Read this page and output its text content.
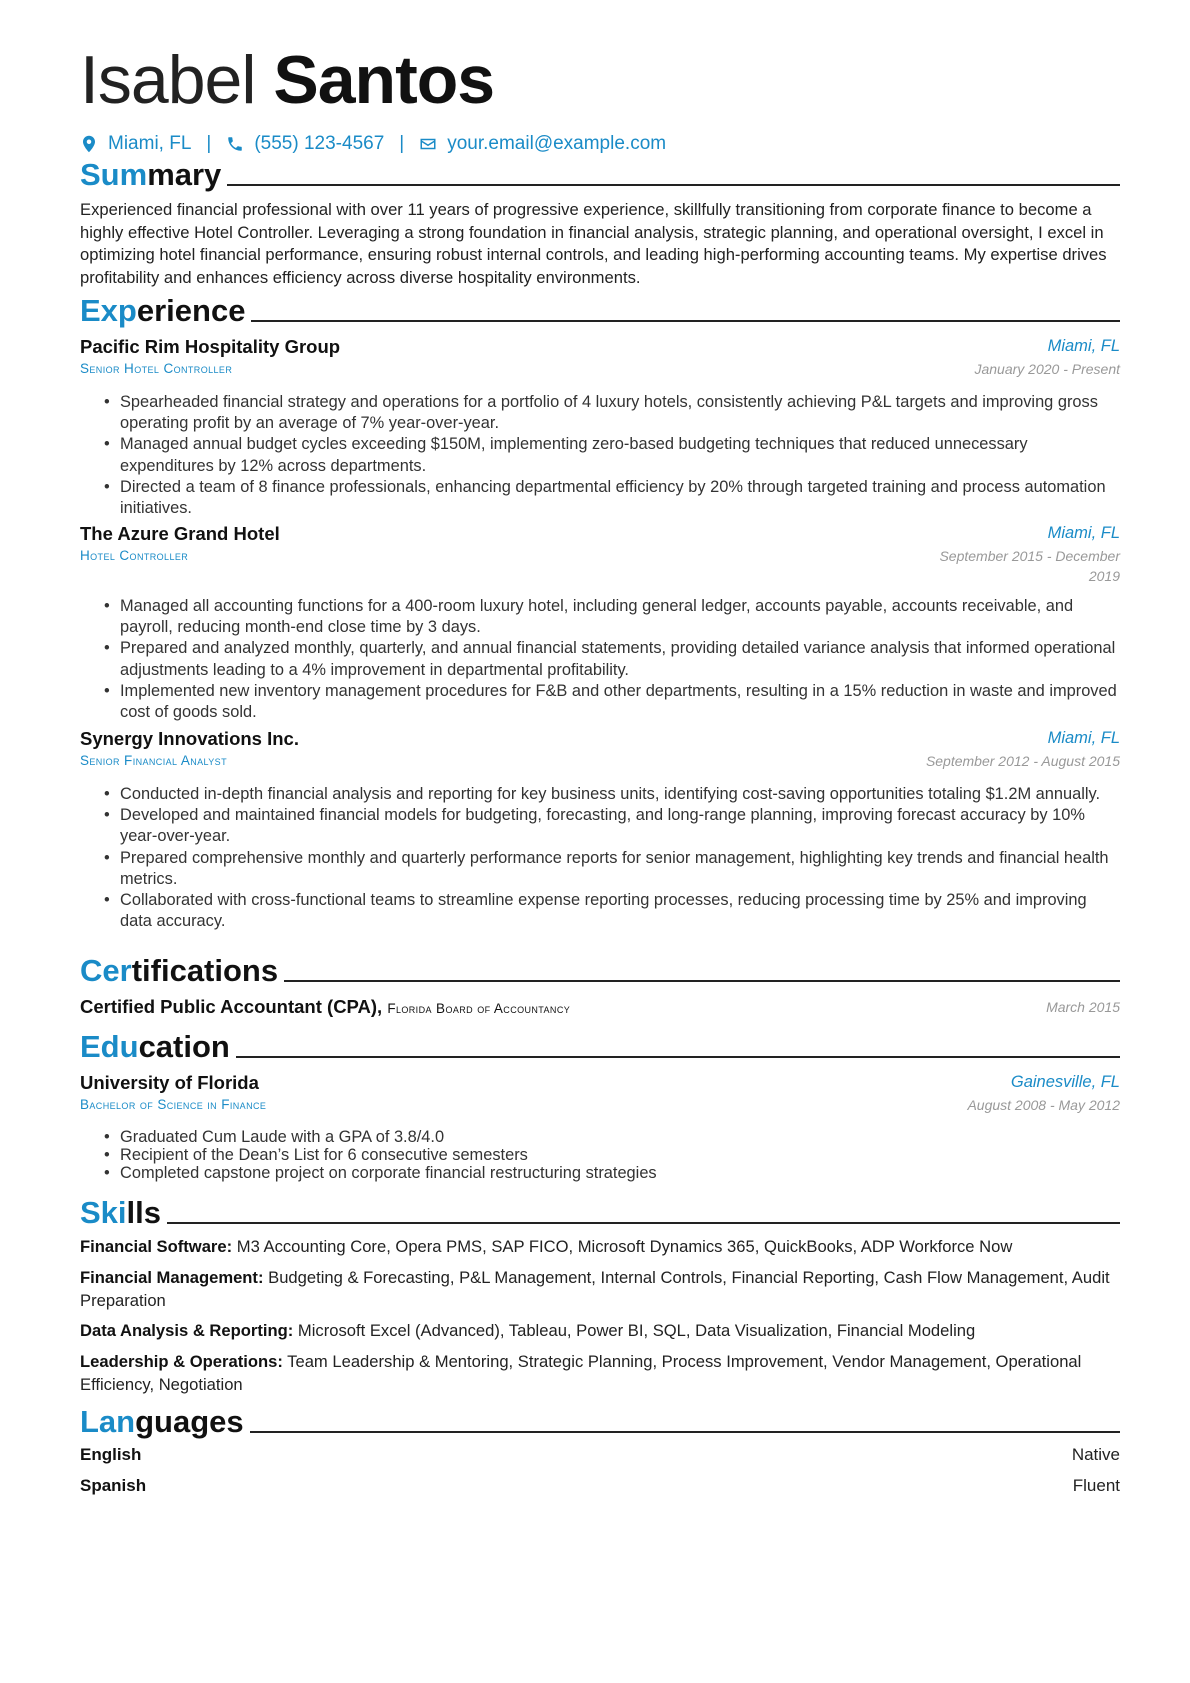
Isabel Santos
Miami, FL | (555) 123-4567 | your.email@example.com
Summary
Experienced financial professional with over 11 years of progressive experience, skillfully transitioning from corporate finance to become a highly effective Hotel Controller. Leveraging a strong foundation in financial analysis, strategic planning, and operational oversight, I excel in optimizing hotel financial performance, ensuring robust internal controls, and leading high-performing accounting teams. My expertise drives profitability and enhances efficiency across diverse hospitality environments.
Experience
Pacific Rim Hospitality Group	Miami, FL
Senior Hotel Controller	January 2020 - Present
• Spearheaded financial strategy and operations for a portfolio of 4 luxury hotels, consistently achieving P&L targets and improving gross operating profit by an average of 7% year-over-year.
• Managed annual budget cycles exceeding $150M, implementing zero-based budgeting techniques that reduced unnecessary expenditures by 12% across departments.
• Directed a team of 8 finance professionals, enhancing departmental efficiency by 20% through targeted training and process automation initiatives.
The Azure Grand Hotel	Miami, FL
Hotel Controller	September 2015 - December
2019
• Managed all accounting functions for a 400-room luxury hotel, including general ledger, accounts payable, accounts receivable, and payroll, reducing month-end close time by 3 days.
• Prepared and analyzed monthly, quarterly, and annual financial statements, providing detailed variance analysis that informed operational adjustments leading to a 4% improvement in departmental profitability.
• Implemented new inventory management procedures for F&B and other departments, resulting in a 15% reduction in waste and improved cost of goods sold.
Synergy Innovations Inc.	Miami, FL
Senior Financial Analyst	September 2012 - August 2015
• Conducted in-depth financial analysis and reporting for key business units, identifying cost-saving opportunities totaling $1.2M annually.
• Developed and maintained financial models for budgeting, forecasting, and long-range planning, improving forecast accuracy by 10% year-over-year.
• Prepared comprehensive monthly and quarterly performance reports for senior management, highlighting key trends and financial health metrics.
• Collaborated with cross-functional teams to streamline expense reporting processes, reducing processing time by 25% and improving data accuracy.
Certifications
Certified Public Accountant (CPA), Florida Board of Accountancy	March 2015
Education
University of Florida	Gainesville, FL
Bachelor of Science in Finance	August 2008 - May 2012
• Graduated Cum Laude with a GPA of 3.8/4.0
• Recipient of the Dean’s List for 6 consecutive semesters
• Completed capstone project on corporate financial restructuring strategies
Skills
Financial Software: M3 Accounting Core, Opera PMS, SAP FICO, Microsoft Dynamics 365, QuickBooks, ADP Workforce Now
Financial Management: Budgeting & Forecasting, P&L Management, Internal Controls, Financial Reporting, Cash Flow Management, Audit Preparation
Data Analysis & Reporting: Microsoft Excel (Advanced), Tableau, Power BI, SQL, Data Visualization, Financial Modeling
Leadership & Operations: Team Leadership & Mentoring, Strategic Planning, Process Improvement, Vendor Management, Operational Efficiency, Negotiation
Languages
English	Native
Spanish	Fluent
